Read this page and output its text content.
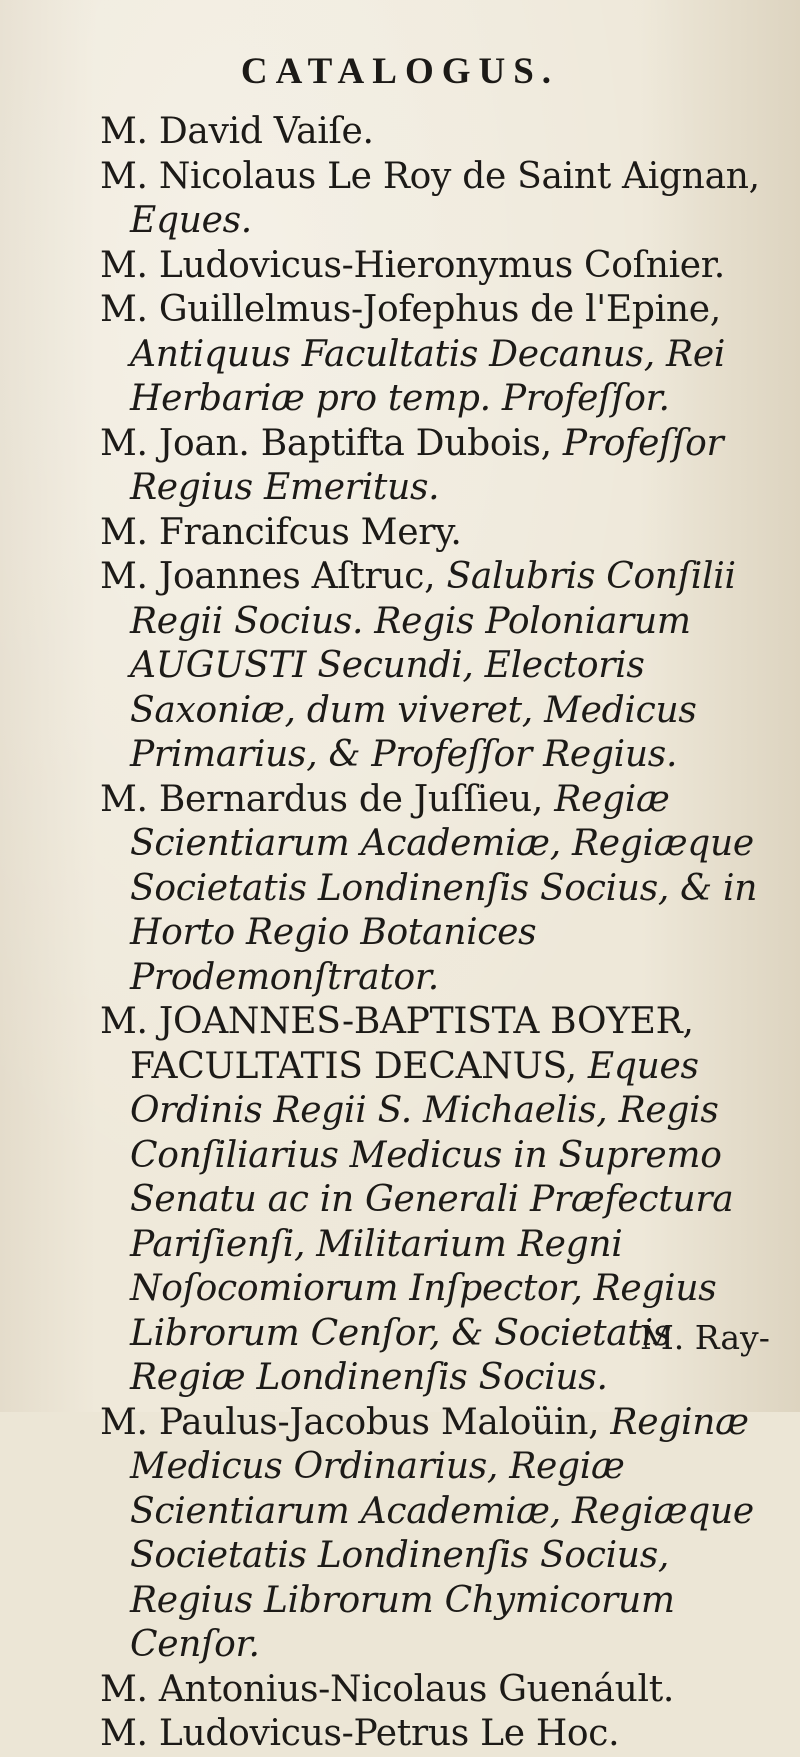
CATALOGUS.
M. David Vaiſe.
M. Nicolaus Le Roy de Saint Aignan, Eques.
M. Ludovicus-Hieronymus Coſnier.
M. Guillelmus-Jofephus de l'Epine, Antiquus Facultatis Decanus, Rei Herbariæ pro temp. Profeſſor.
M. Joan. Baptifta Dubois, Profeſſor Regius Emeritus.
M. Francifcus Mery.
M. Joannes Aſtruc, Salubris Conſilii Regii Socius. Regis Poloniarum AUGUSTI Secundi, Electoris Saxoniæ, dum viveret, Medicus Primarius, & Profeſſor Regius.
M. Bernardus de Juſſieu, Regiæ Scientiarum Academiæ, Regiæque Societatis Londinenſis Socius, & in Horto Regio Botanices Prodemonſtrator.
M. JOANNES-BAPTISTA BOYER, FACULTATIS DECANUS, Eques Ordinis Regii S. Michaelis, Regis Conſiliarius Medicus in Supremo Senatu ac in Generali Præfectura Pariſienſi, Militarium Regni Noſocomiorum Inſpector, Regius Librorum Cenſor, & Societatis Regiæ Londinenſis Socius.
M. Paulus-Jacobus Maloüin, Reginæ Medicus Ordinarius, Regiæ Scientiarum Academiæ, Regiæque Societatis Londinenſis Socius, Regius Librorum Chymicorum Cenſor.
M. Antonius-Nicolaus Guenáult.
M. Ludovicus-Petrus Le Hoc.
M. Ray-
